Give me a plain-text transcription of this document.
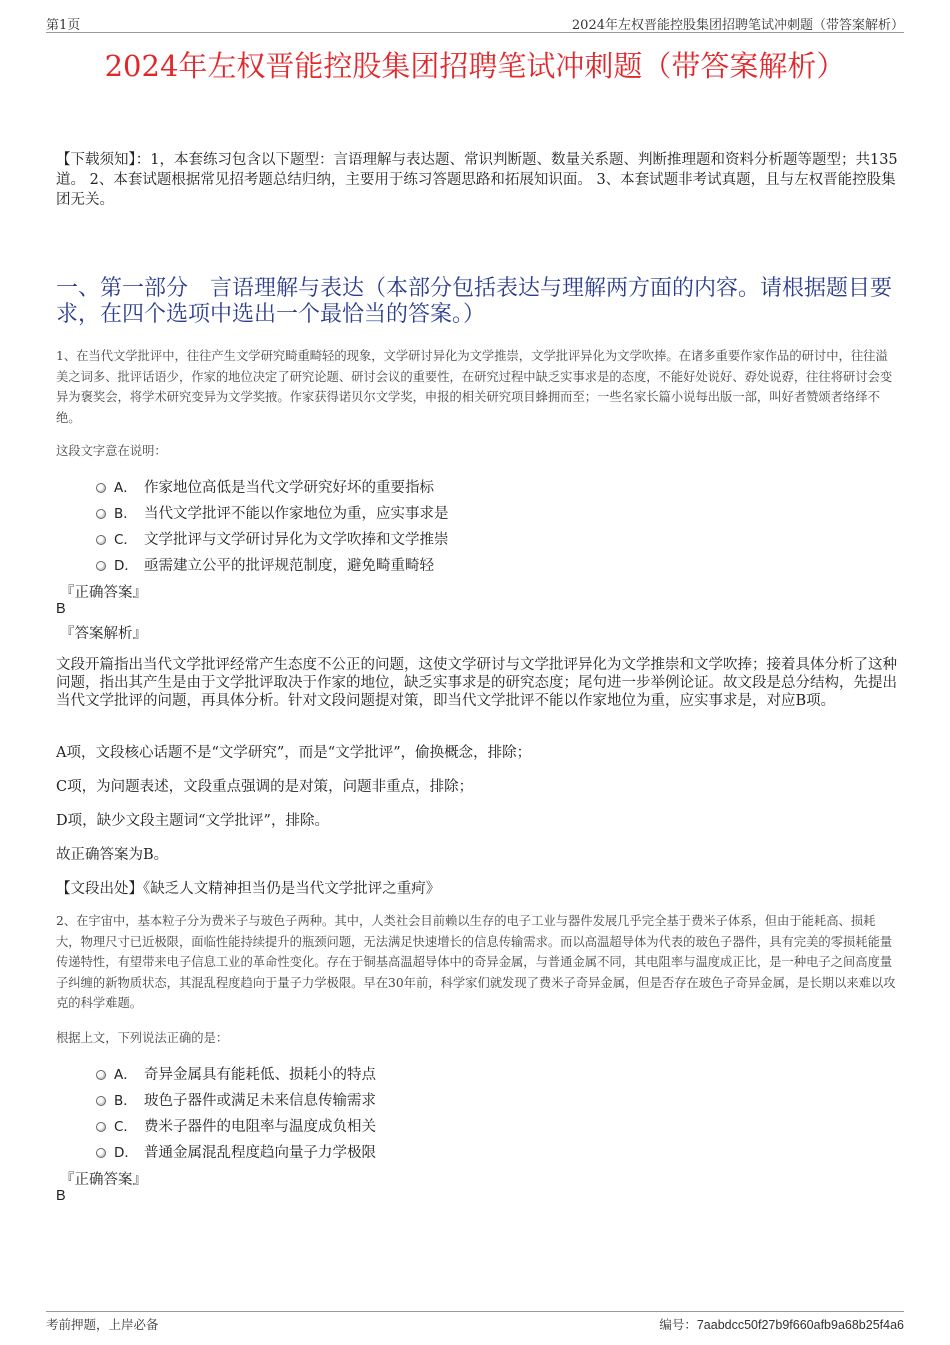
第1页	2024年左权晋能控股集团招聘笔试冲刺题（带答案解析）
2024年左权晋能控股集团招聘笔试冲刺题（带答案解析）
【下载须知】：1，本套练习包含以下题型：言语理解与表达题、常识判断题、数量关系题、判断推理题和资料分析题等题型；共135道。 2、本套试题根据常见招考题总结归纳，主要用于练习答题思路和拓展知识面。 3、本套试题非考试真题，且与左权晋能控股集团无关。
一、第一部分　言语理解与表达（本部分包括表达与理解两方面的内容。请根据题目要求，在四个选项中选出一个最恰当的答案。）
1、在当代文学批评中，往往产生文学研究畸重畸轻的现象，文学研讨异化为文学推崇，文学批评异化为文学吹捧。在诸多重要作家作品的研讨中，往往溢美之词多、批评话语少，作家的地位决定了研究论题、研讨会议的重要性，在研究过程中缺乏实事求是的态度，不能好处说好、孬处说孬，往往将研讨会变异为褒奖会，将学术研究变异为文学奖掖。作家获得诺贝尔文学奖，申报的相关研究项目蜂拥而至；一些名家长篇小说每出版一部，叫好者赞颂者络绎不绝。
这段文字意在说明：
A． 作家地位高低是当代文学研究好坏的重要指标
B． 当代文学批评不能以作家地位为重，应实事求是
C． 文学批评与文学研讨异化为文学吹捧和文学推崇
D． 亟需建立公平的批评规范制度，避免畸重畸轻
『正确答案』
B
『答案解析』
文段开篇指出当代文学批评经常产生态度不公正的问题，这使文学研讨与文学批评异化为文学推崇和文学吹捧；接着具体分析了这种问题，指出其产生是由于文学批评取决于作家的地位，缺乏实事求是的研究态度；尾句进一步举例论证。故文段是总分结构，先提出当代文学批评的问题，再具体分析。针对文段问题提对策，即当代文学批评不能以作家地位为重，应实事求是，对应B项。
A项，文段核心话题不是“文学研究”，而是“文学批评”，偷换概念，排除；
C项，为问题表述，文段重点强调的是对策，问题非重点，排除；
D项，缺少文段主题词“文学批评”，排除。
故正确答案为B。
【文段出处】《缺乏人文精神担当仍是当代文学批评之重疴》
2、在宇宙中，基本粒子分为费米子与玻色子两种。其中，人类社会目前赖以生存的电子工业与器件发展几乎完全基于费米子体系，但由于能耗高、损耗大，物理尺寸已近极限，面临性能持续提升的瓶颈问题，无法满足快速增长的信息传输需求。而以高温超导体为代表的玻色子器件，具有完美的零损耗能量传递特性，有望带来电子信息工业的革命性变化。存在于铜基高温超导体中的奇异金属，与普通金属不同，其电阻率与温度成正比，是一种电子之间高度量子纠缠的新物质状态，其混乱程度趋向于量子力学极限。早在30年前，科学家们就发现了费米子奇异金属，但是否存在玻色子奇异金属，是长期以来难以攻克的科学难题。
根据上文，下列说法正确的是：
A． 奇异金属具有能耗低、损耗小的特点
B． 玻色子器件或满足未来信息传输需求
C． 费米子器件的电阻率与温度成负相关
D． 普通金属混乱程度趋向量子力学极限
『正确答案』
B
考前押题，上岸必备	编号：7aabdcc50f27b9f660afb9a68b25f4a6
